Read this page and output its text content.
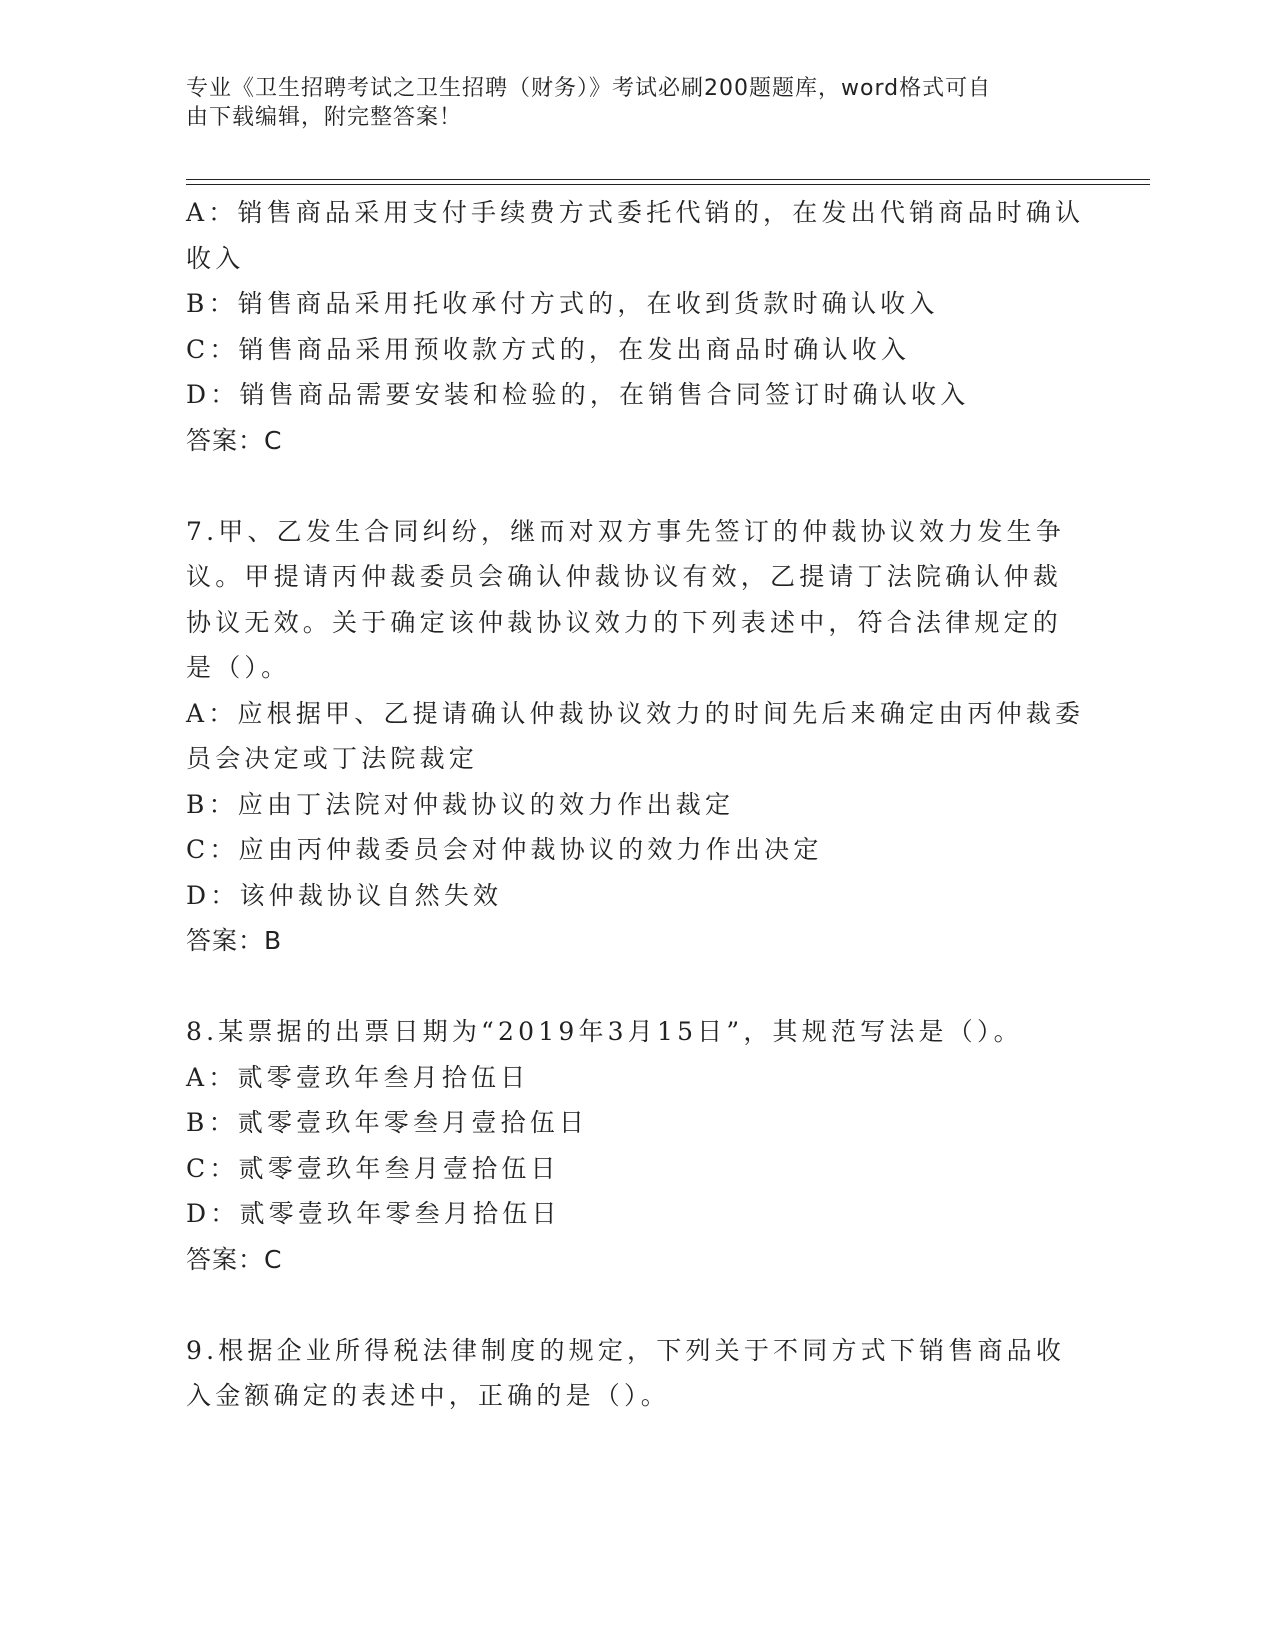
专业《卫生招聘考试之卫生招聘（财务）》考试必刷200题题库，word格式可自
由下载编辑，附完整答案！
A：销售商品采用支付手续费方式委托代销的，在发出代销商品时确认
收入
B：销售商品采用托收承付方式的，在收到货款时确认收入
C：销售商品采用预收款方式的，在发出商品时确认收入
D：销售商品需要安装和检验的，在销售合同签订时确认收入
答案：C
7.甲、乙发生合同纠纷，继而对双方事先签订的仲裁协议效力发生争
议。甲提请丙仲裁委员会确认仲裁协议有效，乙提请丁法院确认仲裁
协议无效。关于确定该仲裁协议效力的下列表述中，符合法律规定的
是（）。
A：应根据甲、乙提请确认仲裁协议效力的时间先后来确定由丙仲裁委
员会决定或丁法院裁定
B：应由丁法院对仲裁协议的效力作出裁定
C：应由丙仲裁委员会对仲裁协议的效力作出决定
D：该仲裁协议自然失效
答案：B
8.某票据的出票日期为“2019年3月15日”，其规范写法是（）。
A：贰零壹玖年叁月拾伍日
B：贰零壹玖年零叁月壹拾伍日
C：贰零壹玖年叁月壹拾伍日
D：贰零壹玖年零叁月拾伍日
答案：C
9.根据企业所得税法律制度的规定，下列关于不同方式下销售商品收
入金额确定的表述中，正确的是（）。
